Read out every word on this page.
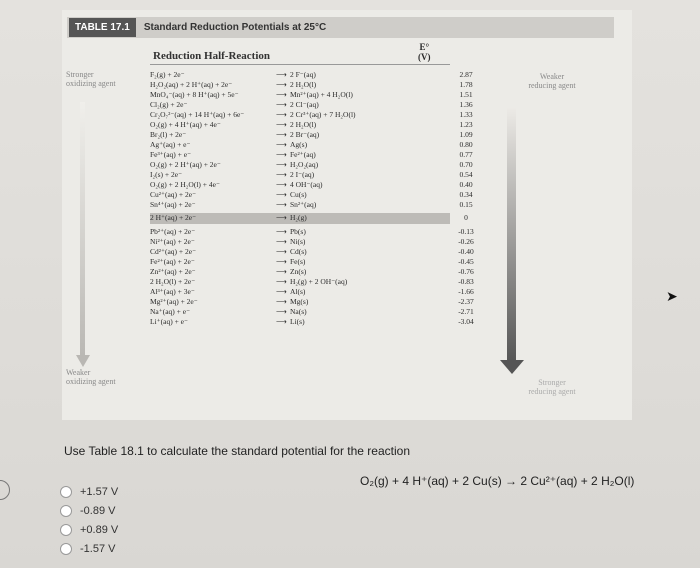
TABLE 17.1	Standard Reduction Potentials at 25°C
Reduction Half-Reaction
E°
(V)
Stronger oxidizing agent
Weaker oxidizing agent
Weaker reducing agent
Stronger reducing agent
F₂(g) + 2e⁻	⟶ 2 F⁻(aq)	2.87
H₂O₂(aq) + 2 H⁺(aq) + 2e⁻	⟶ 2 H₂O(l)	1.78
MnO₄⁻(aq) + 8 H⁺(aq) + 5e⁻	⟶ Mn²⁺(aq) + 4 H₂O(l)	1.51
Cl₂(g) + 2e⁻	⟶ 2 Cl⁻(aq)	1.36
Cr₂O₇²⁻(aq) + 14 H⁺(aq) + 6e⁻	⟶ 2 Cr³⁺(aq) + 7 H₂O(l)	1.33
O₂(g) + 4 H⁺(aq) + 4e⁻	⟶ 2 H₂O(l)	1.23
Br₂(l) + 2e⁻	⟶ 2 Br⁻(aq)	1.09
Ag⁺(aq) + e⁻	⟶ Ag(s)	0.80
Fe³⁺(aq) + e⁻	⟶ Fe²⁺(aq)	0.77
O₂(g) + 2 H⁺(aq) + 2e⁻	⟶ H₂O₂(aq)	0.70
I₂(s) + 2e⁻	⟶ 2 I⁻(aq)	0.54
O₂(g) + 2 H₂O(l) + 4e⁻	⟶ 4 OH⁻(aq)	0.40
Cu²⁺(aq) + 2e⁻	⟶ Cu(s)	0.34
Sn⁴⁺(aq) + 2e⁻	⟶ Sn²⁺(aq)	0.15
2 H⁺(aq) + 2e⁻	⟶ H₂(g)	0
Pb²⁺(aq) + 2e⁻	⟶ Pb(s)	-0.13
Ni²⁺(aq) + 2e⁻	⟶ Ni(s)	-0.26
Cd²⁺(aq) + 2e⁻	⟶ Cd(s)	-0.40
Fe²⁺(aq) + 2e⁻	⟶ Fe(s)	-0.45
Zn²⁺(aq) + 2e⁻	⟶ Zn(s)	-0.76
2 H₂O(l) + 2e⁻	⟶ H₂(g) + 2 OH⁻(aq)	-0.83
Al³⁺(aq) + 3e⁻	⟶ Al(s)	-1.66
Mg²⁺(aq) + 2e⁻	⟶ Mg(s)	-2.37
Na⁺(aq) + e⁻	⟶ Na(s)	-2.71
Li⁺(aq) + e⁻	⟶ Li(s)	-3.04
Use Table 18.1 to calculate the standard potential for the reaction
O₂(g) + 4 H⁺(aq) + 2 Cu(s) → 2 Cu²⁺(aq) + 2 H₂O(l)
+1.57 V
-0.89 V
+0.89 V
-1.57 V
➤
